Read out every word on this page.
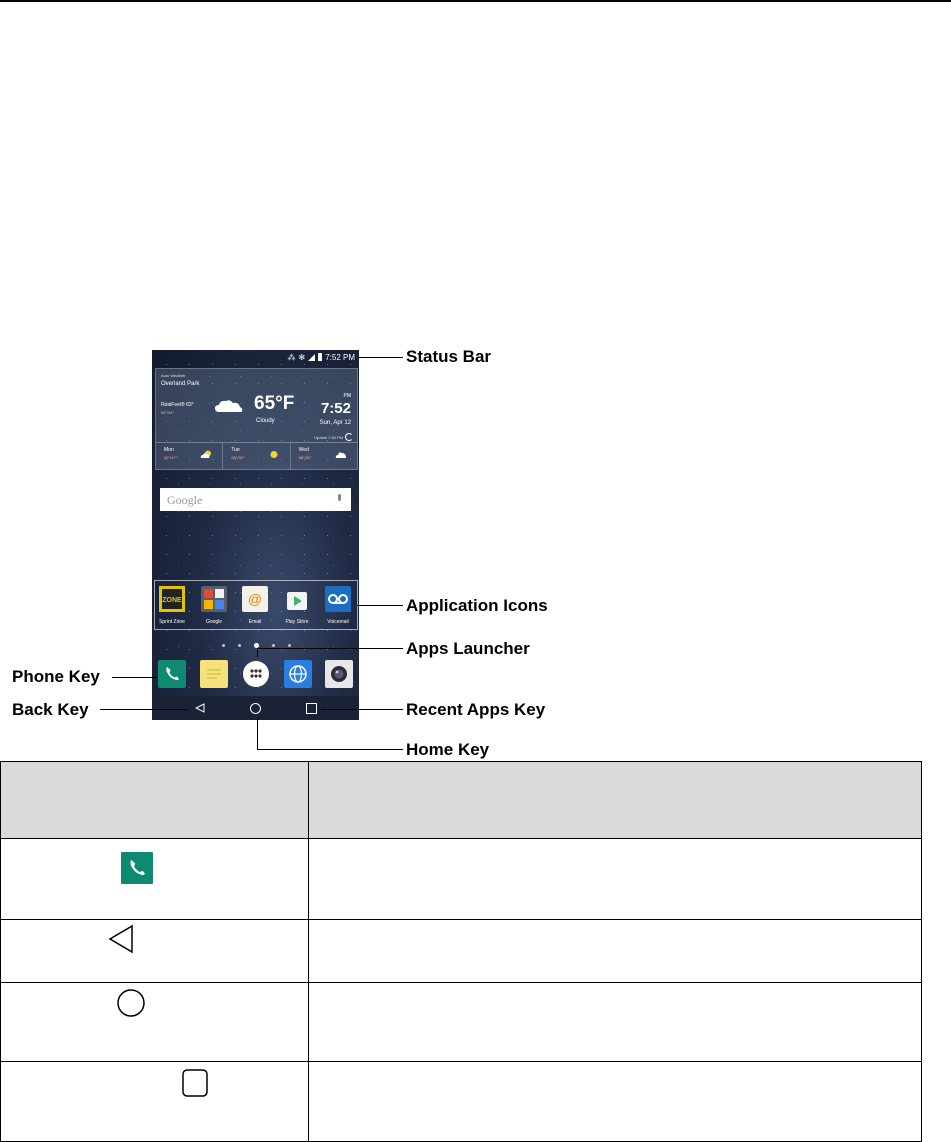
⁂ ✻	7:52 PM
Auto Weather
Overland Park
RealFeel® 63°
65°/54°	65°F
Cloudy
PM
7:52
Sun, Apr 12
Update 7:50 PM
Mon
69°/47°
Tue
68°/50°
Wed
66°/50°
Google
ZONE
Sprint Zone	Google
@
Email	Play Store	Voicemail
Status Bar
Application Icons
Apps Launcher
Phone Key
Back Key	Recent Apps Key
Home Key
